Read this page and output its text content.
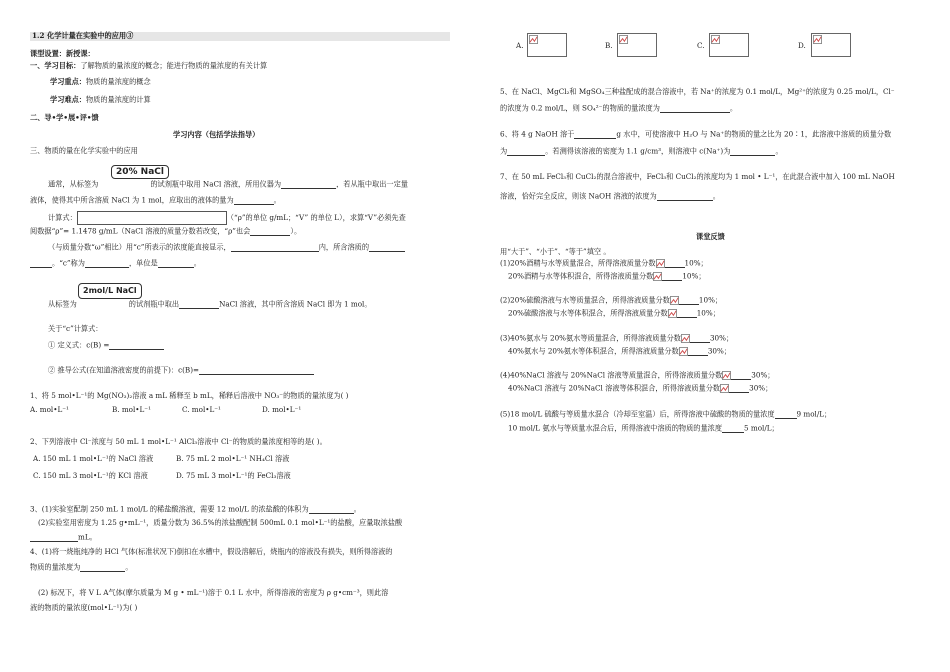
1.2 化学计量在实验中的应用③
课型设置：新授课：
一、学习目标：了解物质的量浓度的概念；能进行物质的量浓度的有关计算
学习重点：物质的量浓度的概念
学习难点：物质的量浓度的计算
二、导•学•展•评•馈
学习内容（包括学法指导）
三、物质的量在化学实验中的应用
20% NaCl
通常，从标签为	的试剂瓶中取用 NaCl 溶液，所用仪器为	，若从瓶中取出一定量
液体，使得其中所含溶质 NaCl 为 1 mol，应取出的液体的量为	。
计算式：	（“ρ”的单位 g/mL；“V” 的单位 L），求算“V”必须先查
阅数据“ρ”= 1.1478 g/mL（NaCl 溶液的质量分数若改变，“ρ”也会	）。
（与质量分数“ω”相比）用“c”所表示的浓度能直接显示，	内，所含溶质的
。“c”称为	，单位是	。
2mol/L NaCl
从标签为	的试剂瓶中取出	NaCl 溶液，其中所含溶质 NaCl 即为 1 mol。
关于“c”计算式：
① 定义式：c(B) =
② 推导公式(在知道溶液密度的前提下)：c(B)=
1、将 5 mol•L⁻¹的 Mg(NO₃)₂溶液 a mL 稀释至 b mL，稀释后溶液中 NO₃⁻的物质的量浓度为( )
A. mol•L⁻¹	B. mol•L⁻¹	C. mol•L⁻¹	D. mol•L⁻¹
2、下列溶液中 Cl⁻浓度与 50 mL 1 mol•L⁻¹ AlCl₃溶液中 Cl⁻的物质的量浓度相等的是( )。
A. 150 mL 1 mol•L⁻¹的 NaCl 溶液	B. 75 mL 2 mol•L⁻¹ NH₄Cl 溶液
C. 150 mL 3 mol•L⁻¹的 KCl 溶液	D. 75 mL 3 mol•L⁻¹的 FeCl₃溶液
3、(1)实验室配制 250 mL 1 mol/L 的稀盐酸溶液，需要 12 mol/L 的浓盐酸的体积为	。
(2)实验室用密度为 1.25 g•mL⁻¹，质量分数为 36.5%的浓盐酸配制 500mL 0.1 mol•L⁻¹的盐酸，应量取浓盐酸
mL。
4、(1)将一烧瓶纯净的 HCl 气体(标准状况下)倒扣在水槽中，假设溶解后，烧瓶内的溶液没有损失，则所得溶液的
物质的量浓度为	。
(2) 标况下，将 V L A气体(摩尔质量为 M g • mL⁻¹)溶于 0.1 L 水中，所得溶液的密度为 ρ g•cm⁻³，则此溶
液的物质的量浓度(mol•L⁻¹)为( )
A.	B.	C.	D.
5、在 NaCl、MgCl₂和 MgSO₄三种盐配成的混合溶液中，若 Na⁺的浓度为 0.1 mol/L，Mg²⁺的浓度为 0.25 mol/L，Cl⁻
的浓度为 0.2 mol/L，则 SO₄²⁻的物质的量浓度为	。
6、将 4 g NaOH 溶于	g 水中，可使溶液中 H₂O 与 Na⁺的物质的量之比为 20∶1，此溶液中溶质的质量分数
为	。若测得该溶液的密度为 1.1 g/cm³，则溶液中 c(Na⁺)为	。
7、在 50 mL FeCl₃和 CuCl₂的混合溶液中，FeCl₃和 CuCl₂的浓度均为 1 mol • L⁻¹，在此混合液中加入 100 mL NaOH
溶液，恰好完全反应，则该 NaOH 溶液的浓度为	。
课堂反馈
用“大于”、“小于”、“等于”填空 。
(1)20%酒精与水等质量混合，所得溶液质量分数	10%；
20%酒精与水等体积混合，所得溶液质量分数	10%；
(2)20%硫酸溶液与水等质量混合，所得溶液质量分数	10%；
20%硫酸溶液与水等体积混合，所得溶液质量分数	10%；
(3)40%氨水与 20%氨水等质量混合，所得溶液质量分数	30%；
40%氨水与 20%氨水等体积混合，所得溶液质量分数	30%；
(4)40%NaCl 溶液与 20%NaCl 溶液等质量混合，所得溶液质量分数	30%；
40%NaCl 溶液与 20%NaCl 溶液等体积混合，所得溶液质量分数	30%；
(5)18 mol/L 硫酸与等质量水混合（冷却至室温）后，所得溶液中硫酸的物质的量浓度	9 mol/L；
10 mol/L 氨水与等质量水混合后，所得溶液中溶质的物质的量浓度	5 mol/L；
